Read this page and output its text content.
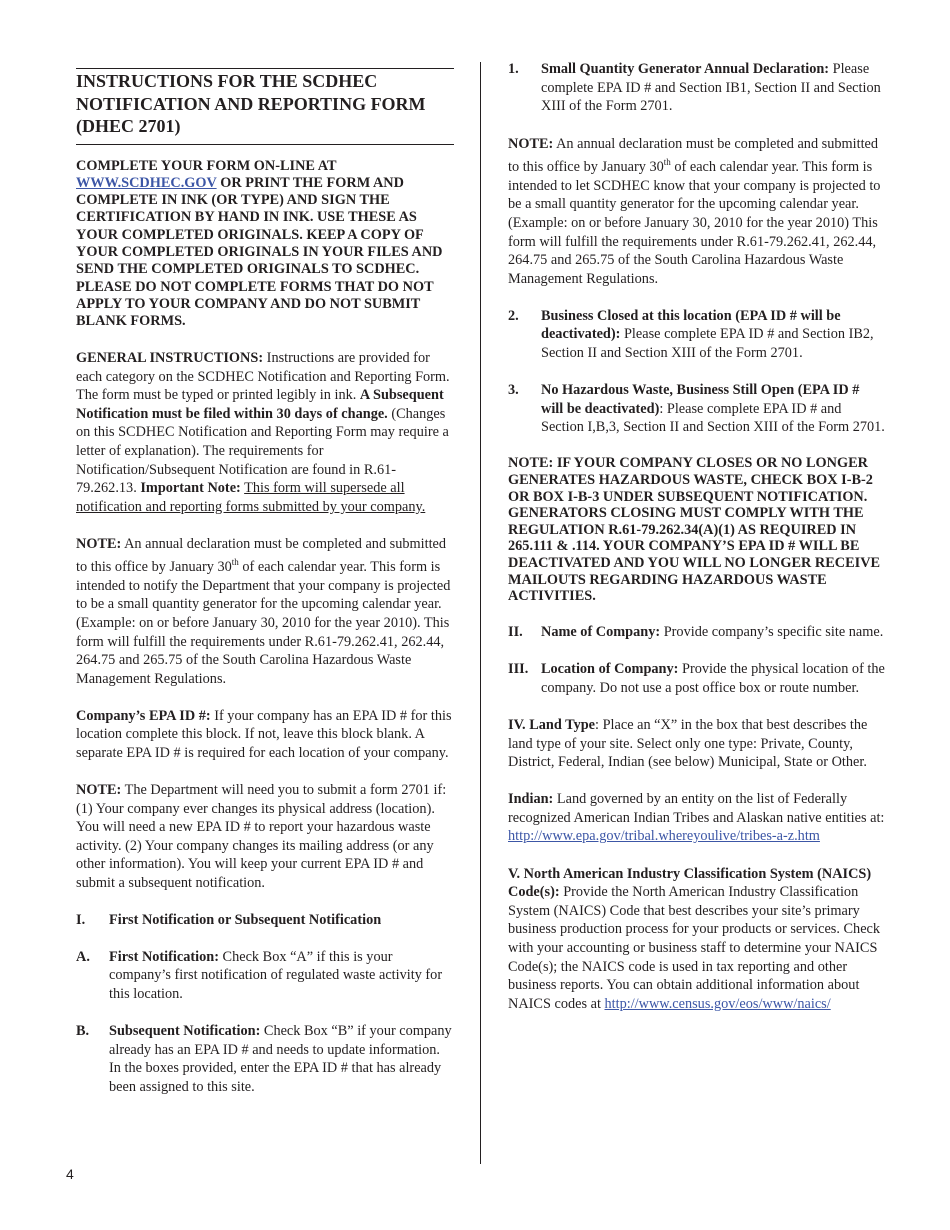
INSTRUCTIONS FOR THE SCDHEC NOTIFICATION AND REPORTING FORM (DHEC 2701)

COMPLETE YOUR FORM ON-LINE AT WWW.SCDHEC.GOV OR PRINT THE FORM AND COMPLETE IN INK (OR TYPE) AND SIGN THE CERTIFICATION BY HAND IN INK. USE THESE AS YOUR COMPLETED ORIGINALS. KEEP A COPY OF YOUR COMPLETED ORIGINALS IN YOUR FILES AND SEND THE COMPLETED ORIGINALS TO SCDHEC. PLEASE DO NOT COMPLETE FORMS THAT DO NOT APPLY TO YOUR COMPANY AND DO NOT SUBMIT BLANK FORMS.

GENERAL INSTRUCTIONS: Instructions are provided for each category on the SCDHEC Notification and Reporting Form. The form must be typed or printed legibly in ink. A Subsequent Notification must be filed within 30 days of change. (Changes on this SCDHEC Notification and Reporting Form may require a letter of explanation). The requirements for Notification/Subsequent Notification are found in R.61-79.262.13. Important Note: This form will supersede all notification and reporting forms submitted by your company.

NOTE: An annual declaration must be completed and submitted to this office by January 30th of each calendar year. This form is intended to notify the Department that your company is projected to be a small quantity generator for the upcoming calendar year. (Example: on or before January 30, 2010 for the year 2010). This form will fulfill the requirements under R.61-79.262.41, 262.44, 264.75 and 265.75 of the South Carolina Hazardous Waste Management Regulations.

Company’s EPA ID #: If your company has an EPA ID # for this location complete this block. If not, leave this block blank. A separate EPA ID # is required for each location of your company.

NOTE: The Department will need you to submit a form 2701 if: (1) Your company ever changes its physical address (location). You will need a new EPA ID # to report your hazardous waste activity. (2) Your company changes its mailing address (or any other information). You will keep your current EPA ID # and submit a subsequent notification.

I. First Notification or Subsequent Notification
A. First Notification: Check Box “A” if this is your company’s first notification of regulated waste activity for this location.
B. Subsequent Notification: Check Box “B” if your company already has an EPA ID # and needs to update information. In the boxes provided, enter the EPA ID # that has already been assigned to this site.
1. Small Quantity Generator Annual Declaration: Please complete EPA ID # and Section IB1, Section II and Section XIII of the Form 2701.

NOTE: An annual declaration must be completed and submitted to this office by January 30th of each calendar year. This form is intended to let SCDHEC know that your company is projected to be a small quantity generator for the upcoming calendar year. (Example: on or before January 30, 2010 for the year 2010) This form will fulfill the requirements under R.61-79.262.41, 262.44, 264.75 and 265.75 of the South Carolina Hazardous Waste Management Regulations.

2. Business Closed at this location (EPA ID # will be deactivated): Please complete EPA ID # and Section IB2, Section II and Section XIII of the Form 2701.
3. No Hazardous Waste, Business Still Open (EPA ID # will be deactivated): Please complete EPA ID # and Section I,B,3, Section II and Section XIII of the Form 2701.

NOTE: IF YOUR COMPANY CLOSES OR NO LONGER GENERATES HAZARDOUS WASTE, CHECK BOX I-B-2 OR BOX I-B-3 UNDER SUBSEQUENT NOTIFICATION. GENERATORS CLOSING MUST COMPLY WITH THE REGULATION R.61-79.262.34(A)(1) AS REQUIRED IN 265.111 & .114. YOUR COMPANY’S EPA ID # WILL BE DEACTIVATED AND YOU WILL NO LONGER RECEIVE MAILOUTS REGARDING HAZARDOUS WASTE ACTIVITIES.

II. Name of Company: Provide company’s specific site name.
III. Location of Company: Provide the physical location of the company. Do not use a post office box or route number.

IV. Land Type: Place an “X” in the box that best describes the land type of your site. Select only one type: Private, County, District, Federal, Indian (see below) Municipal, State or Other.

Indian: Land governed by an entity on the list of Federally recognized American Indian Tribes and Alaskan native entities at: http://www.epa.gov/tribal.whereyoulive/tribes-a-z.htm

V. North American Industry Classification System (NAICS) Code(s): Provide the North American Industry Classification System (NAICS) Code that best describes your site’s primary business production process for your products or services. Check with your accounting or business staff to determine your NAICS Code(s); the NAICS code is used in tax reporting and other business reports. You can obtain additional information about NAICS codes at http://www.census.gov/eos/www/naics/

4
